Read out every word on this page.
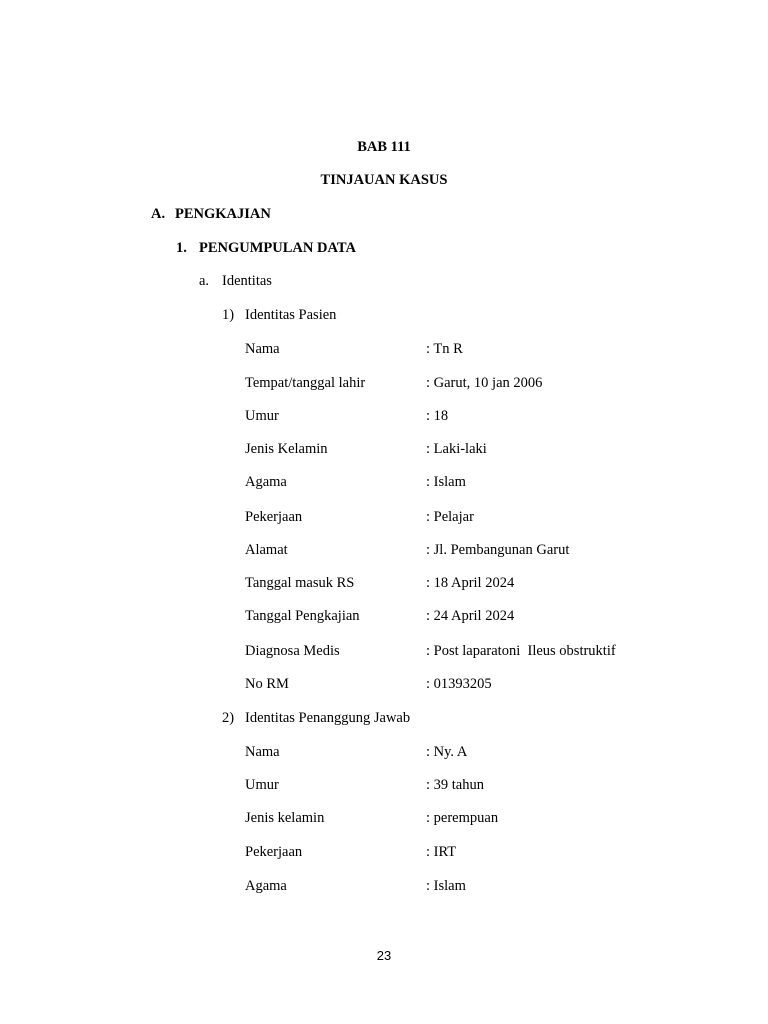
BAB 111
TINJAUAN KASUS
A. PENGKAJIAN
1. PENGUMPULAN DATA
a. Identitas
1) Identitas Pasien
Nama	: Tn R
Tempat/tanggal lahir	: Garut, 10 jan 2006
Umur	: 18
Jenis Kelamin	: Laki-laki
Agama	: Islam
Pekerjaan	: Pelajar
Alamat	: Jl. Pembangunan Garut
Tanggal masuk RS	: 18 April 2024
Tanggal Pengkajian	: 24 April 2024
Diagnosa Medis	: Post laparatoni  Ileus obstruktif
No RM	: 01393205
2) Identitas Penanggung Jawab
Nama	: Ny. A
Umur	: 39 tahun
Jenis kelamin	: perempuan
Pekerjaan	: IRT
Agama	: Islam
23
